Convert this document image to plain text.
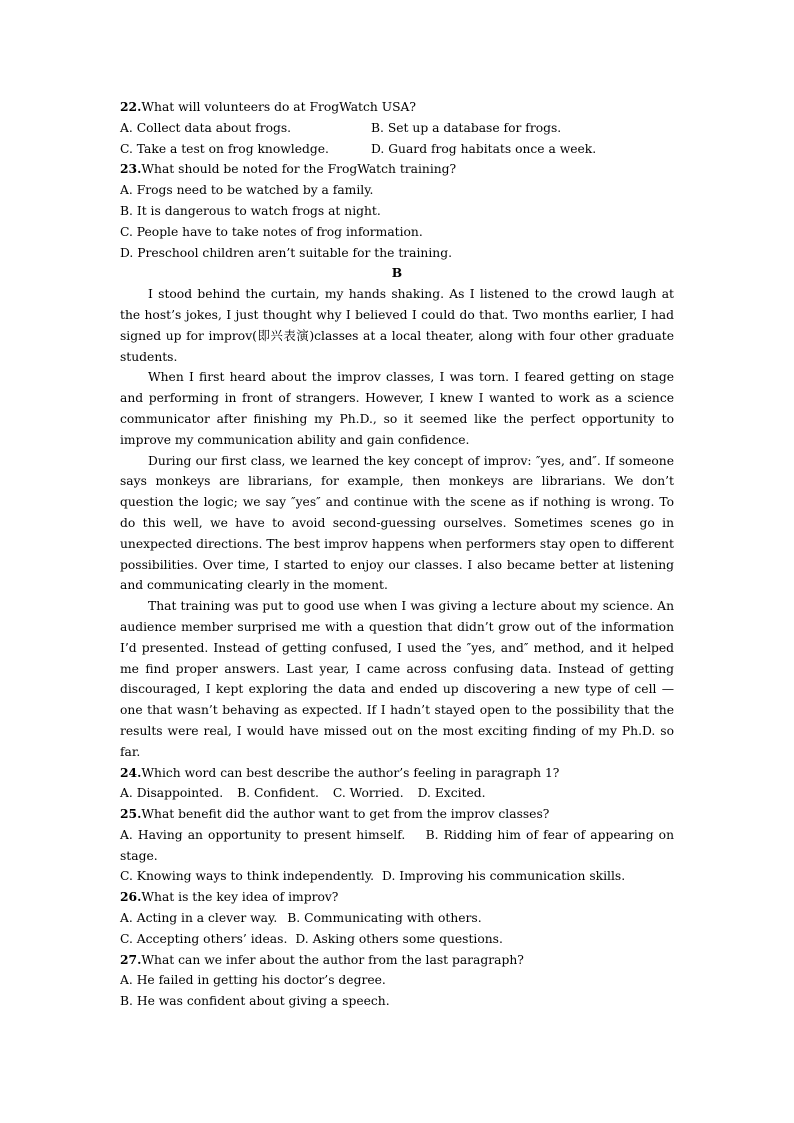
22.What will volunteers do at FrogWatch USA?
A. Collect data about frogs.	B. Set up a database for frogs.
C. Take a test on frog knowledge.	D. Guard frog habitats once a week.
23.What should be noted for the FrogWatch training?
A. Frogs need to be watched by a family.
B. It is dangerous to watch frogs at night.
C. People have to take notes of frog information.
D. Preschool children aren’t suitable for the training.
B
I stood behind the curtain, my hands shaking. As I listened to the crowd laugh at the host’s jokes, I just thought why I believed I could do that. Two months earlier, I had signed up for improv(即兴表演)classes at a local theater, along with four other graduate students.
When I first heard about the improv classes, I was torn. I feared getting on stage and performing in front of strangers. However, I knew I wanted to work as a science communicator after finishing my Ph.D., so it seemed like the perfect opportunity to improve my communication ability and gain confidence.
During our first class, we learned the key concept of improv: ″yes, and″. If someone says monkeys are librarians, for example, then monkeys are librarians. We don’t question the logic; we say ″yes″ and continue with the scene as if nothing is wrong. To do this well, we have to avoid second-guessing ourselves. Sometimes scenes go in unexpected directions. The best improv happens when performers stay open to different possibilities. Over time, I started to enjoy our classes. I also became better at listening and communicating clearly in the moment.
That training was put to good use when I was giving a lecture about my science. An audience member surprised me with a question that didn’t grow out of the information I’d presented. Instead of getting confused, I used the ″yes, and″ method, and it helped me find proper answers. Last year, I came across confusing data. Instead of getting discouraged, I kept exploring the data and ended up discovering a new type of cell — one that wasn’t behaving as expected. If I hadn’t stayed open to the possibility that the results were real, I would have missed out on the most exciting finding of my Ph.D. so far.
24.Which word can best describe the author’s feeling in paragraph 1?
A. Disappointed. B. Confident. C. Worried. D. Excited.
25.What benefit did the author want to get from the improv classes?
A. Having an opportunity to present himself. B. Ridding him of fear of appearing on stage.
C. Knowing ways to think independently. D. Improving his communication skills.
26.What is the key idea of improv?
A. Acting in a clever way. B. Communicating with others.
C. Accepting others’ ideas. D. Asking others some questions.
27.What can we infer about the author from the last paragraph?
A. He failed in getting his doctor’s degree.
B. He was confident about giving a speech.
